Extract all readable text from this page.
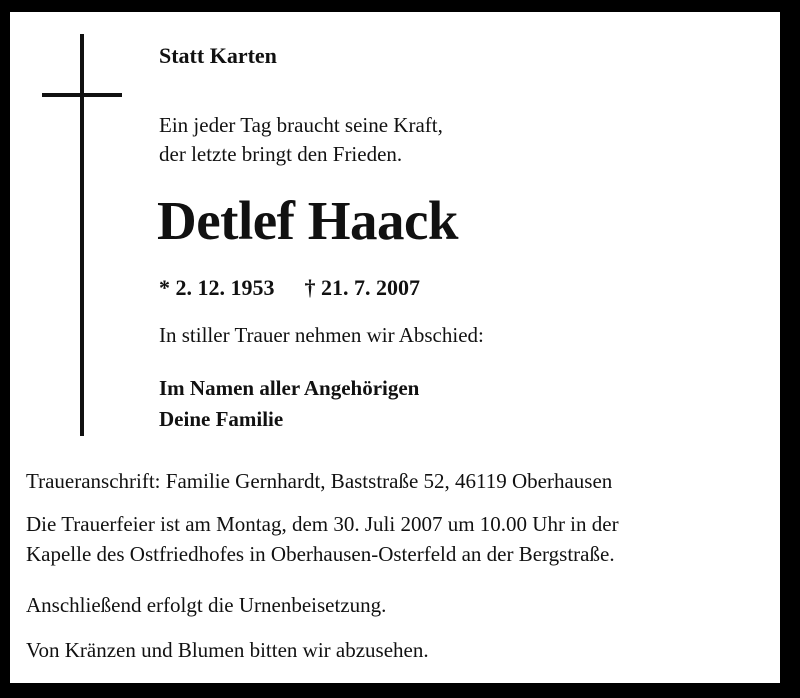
Statt Karten
Ein jeder Tag braucht seine Kraft,
der letzte bringt den Frieden.
Detlef Haack
* 2. 12. 1953 † 21. 7. 2007
In stiller Trauer nehmen wir Abschied:
Im Namen aller Angehörigen
Deine Familie
Traueranschrift: Familie Gernhardt, Baststraße 52, 46119 Oberhausen
Die Trauerfeier ist am Montag, dem 30. Juli 2007 um 10.00 Uhr in der
Kapelle des Ostfriedhofes in Oberhausen-Osterfeld an der Bergstraße.
Anschließend erfolgt die Urnenbeisetzung.
Von Kränzen und Blumen bitten wir abzusehen.
